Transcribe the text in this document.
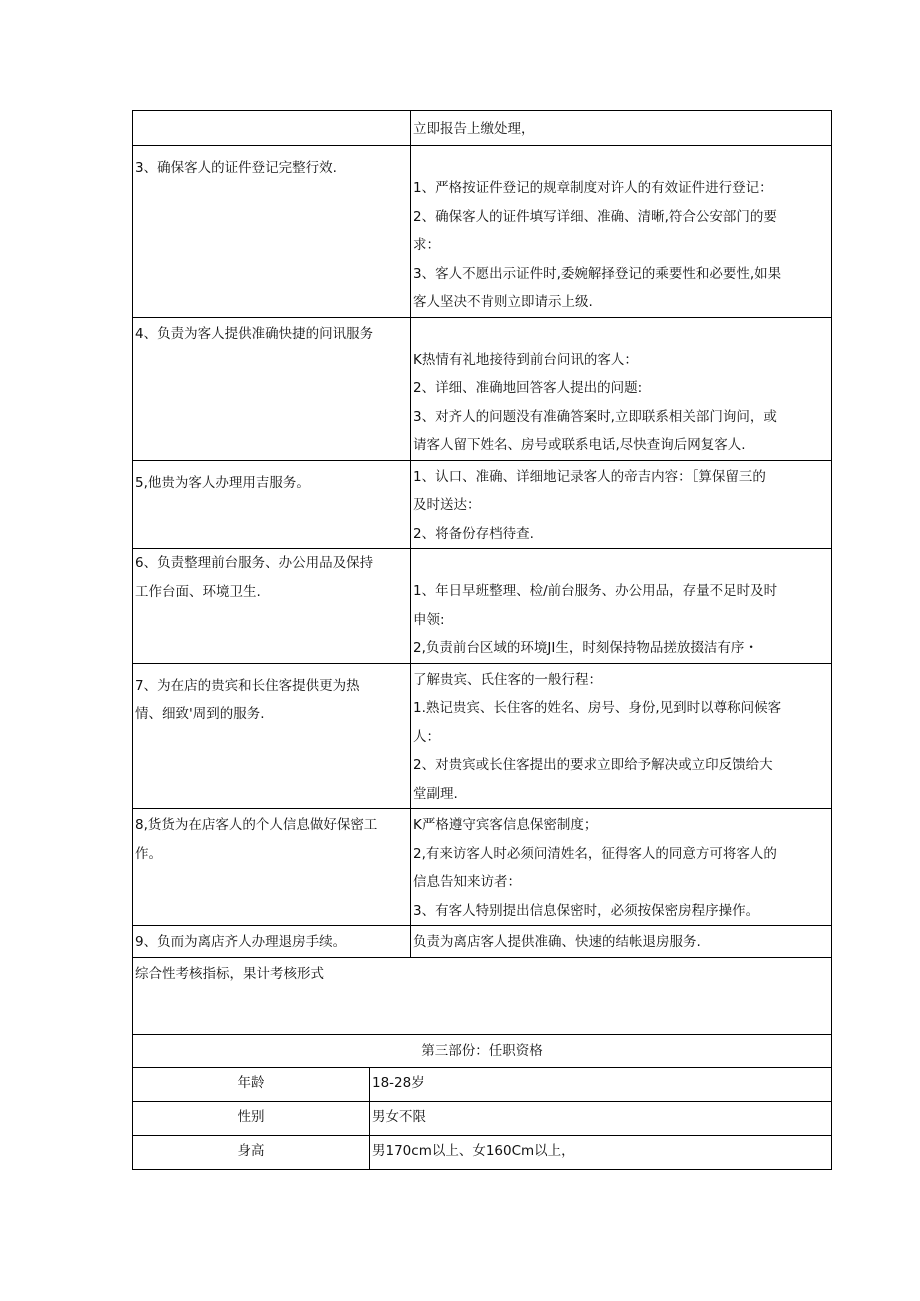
	立即报告上缴处理，

3、确保客人的证件登记完整行效.	1、严格按证件登记的规章制度对许人的有效证件进行登记：
2、确保客人的证件填写详细、准确、清晰,符合公安部门的要
求：
3、客人不愿出示证件时,委婉解择登记的乘要性和必要性,如果
客人坚决不肯则立即请示上级.

4、负责为客人提供准确快捷的问讯服务	K热情有礼地接待到前台问讯的客人：
2、详细、准确地回答客人提出的问题:
3、对齐人的问题没有准确答案时,立即联系相关部门询问，或
请客人留下姓名、房号或联系电话,尽快查询后网复客人.

5,他贵为客人办理用吉服务。	1、认口、准确、详细地记录客人的帝吉内容：［算保留三的
及时送达：
2、将备份存档待查.

6、负责整理前台服务、办公用品及保持
工作台面、环境卫生.	1、年日早班整理、检/前台服务、办公用品，存量不足时及时
申领:
2,负责前台区域的环境JI生，时刻保持物品搓放掇洁有序・

7、为在店的贵宾和长住客提供更为热
情、细致'周到的服务.	了解贵宾、氏住客的一般行程：
1.熟记贵宾、长住客的姓名、房号、身份,见到时以尊称问候客
人：
2、对贵宾或长住客提出的要求立即给予解决或立印反馈给大
堂副理.

8,货货为在店客人的个人信息做好保密工
作。	K严格遵守宾客信息保密制度；
2,有来访客人时必须问清姓名，征得客人的同意方可将客人的
信息告知来访者：
3、有客人特别提出信息保密时，必须按保密房程序操作。

9、负而为离店齐人办理退房手续。	负责为离店客人提供准确、快速的结帐退房服务.

综合性考核指标，果计考核形式	

第三部份：任职资格	
年龄	18-28岁
性别	男女不限
身高	男170cm以上、女160Cm以上，
